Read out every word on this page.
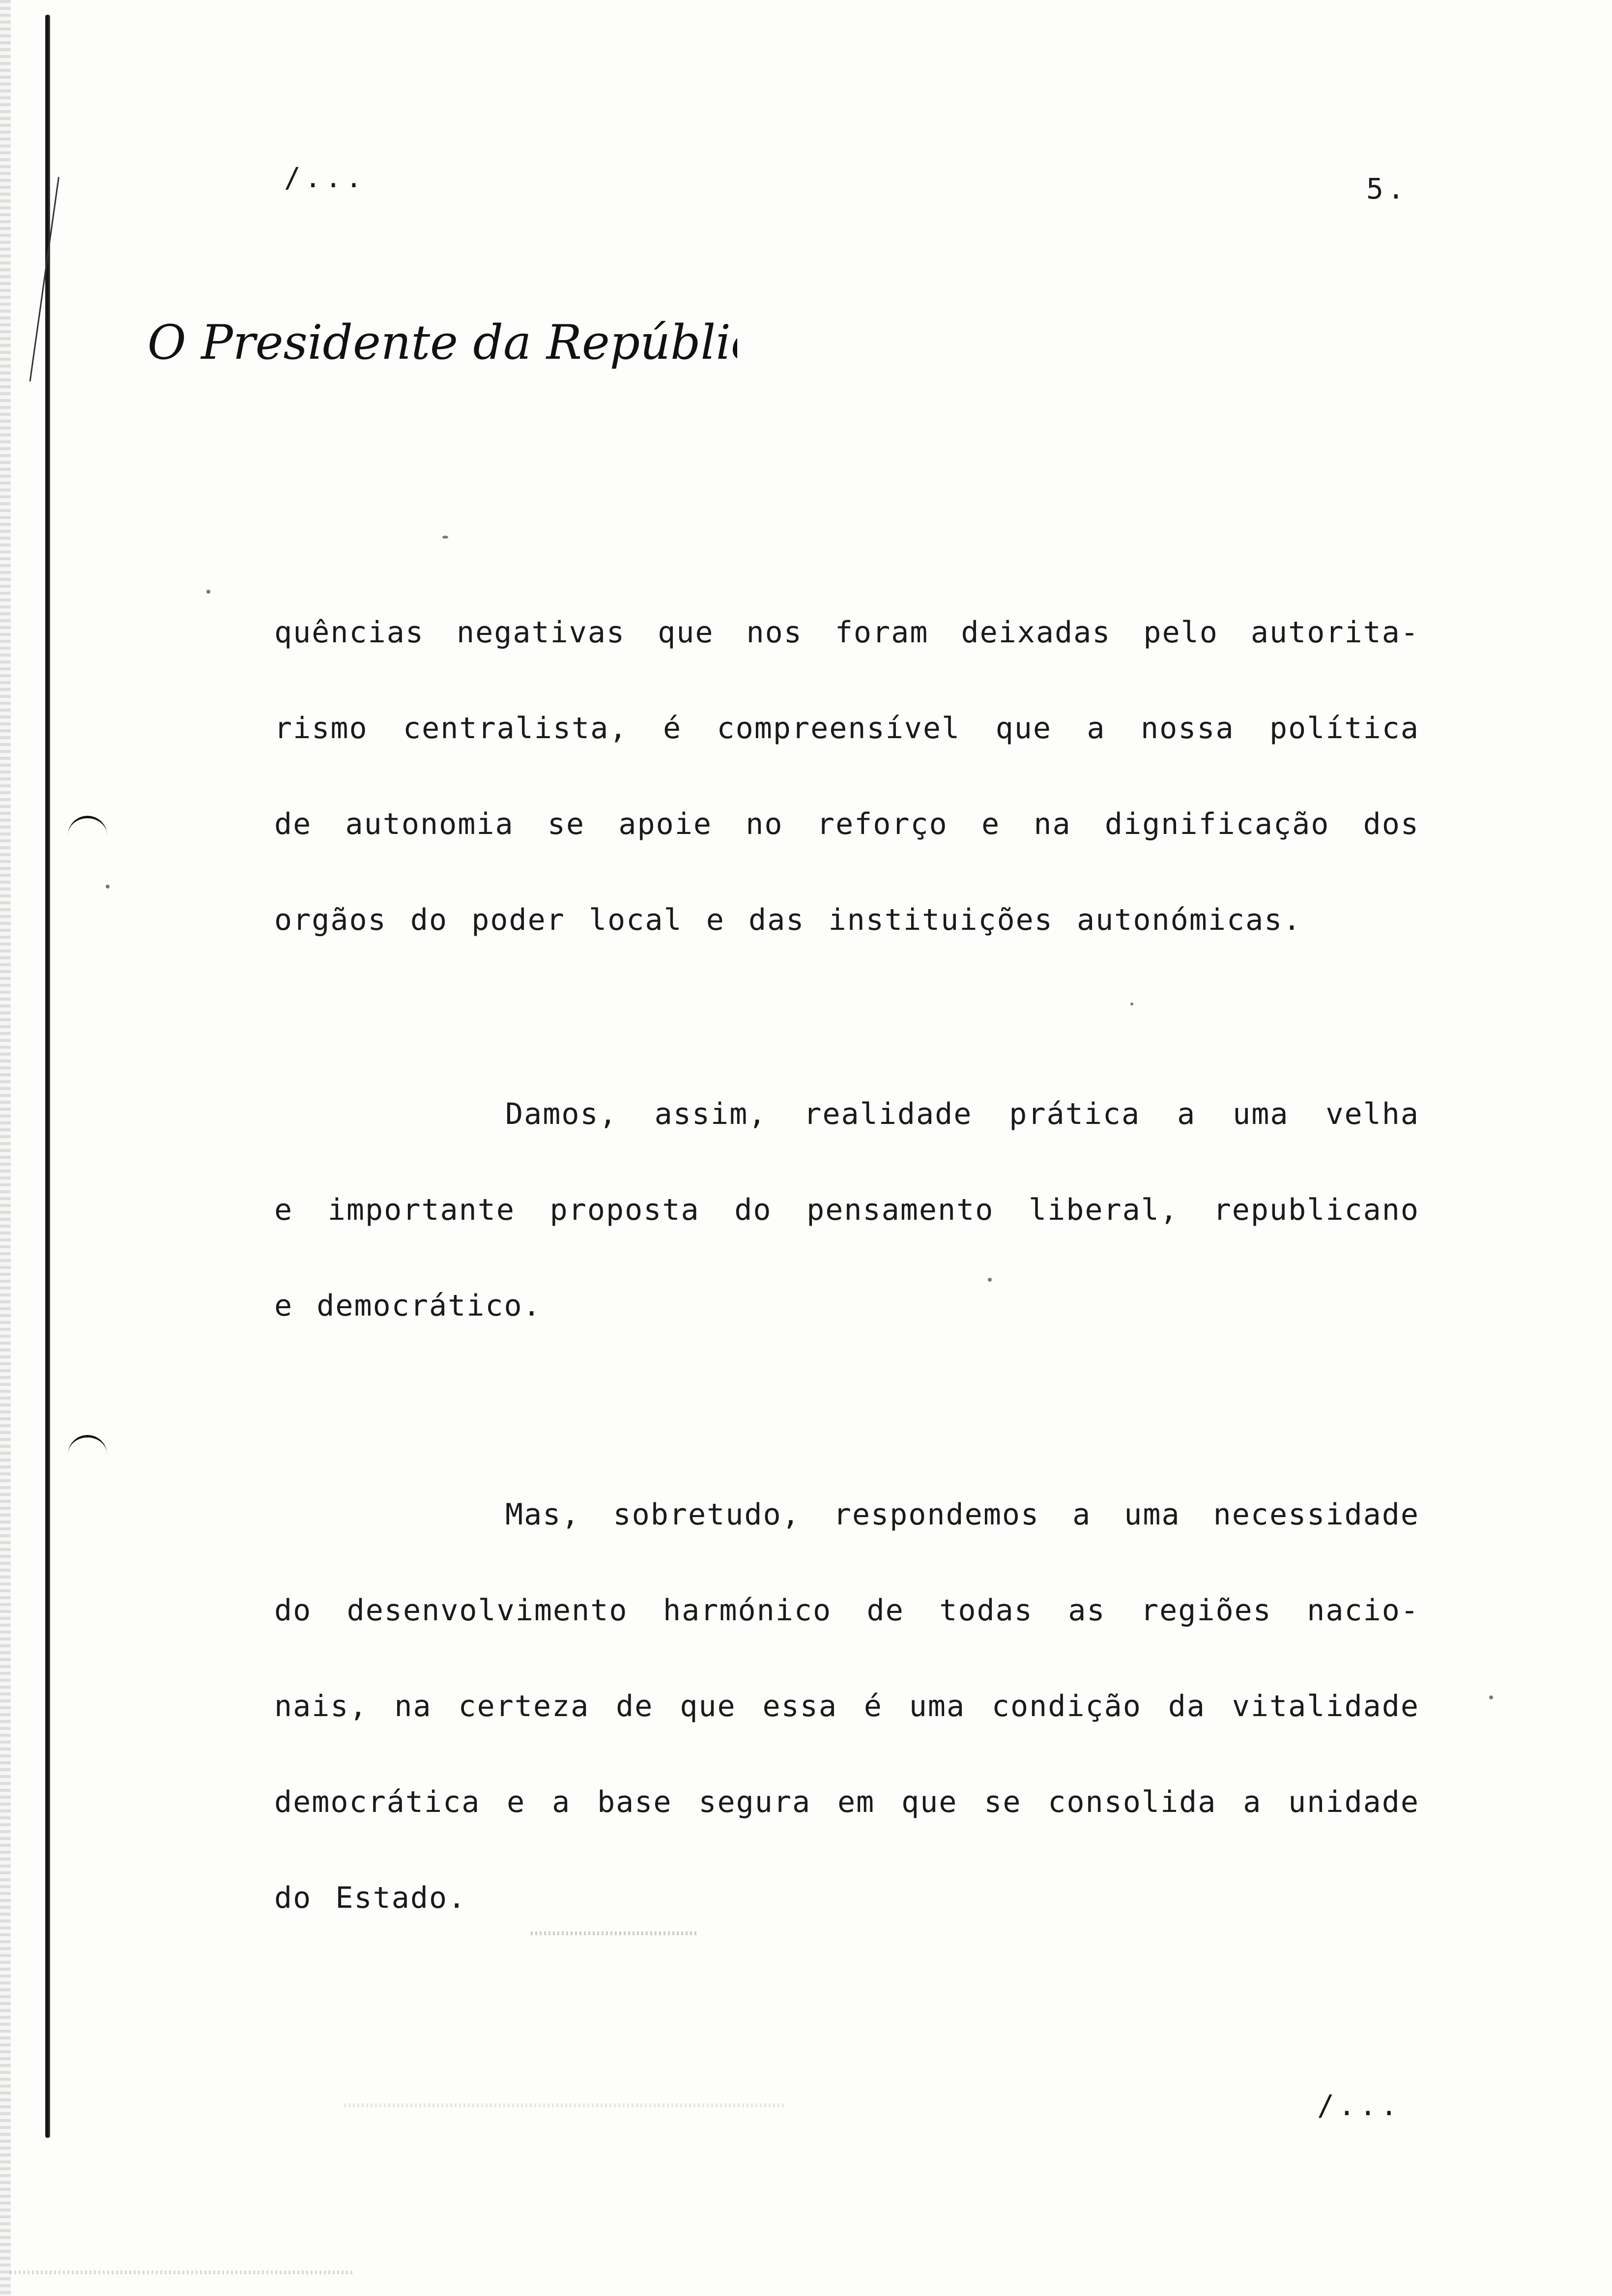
/...	5.
O Presidente da República
quências negativas que nos foram deixadas pelo autorita-
rismo centralista, é compreensível que a nossa política
de autonomia se apoie no reforço e na dignificação dos
orgãos do poder local e das instituições autonómicas.
Damos, assim, realidade prática a uma velha
e importante proposta do pensamento liberal, republicano
e democrático.
Mas, sobretudo, respondemos a uma necessidade
do desenvolvimento harmónico de todas as regiões nacio-
nais, na certeza de que essa é uma condição da vitalidade
democrática e a base segura em que se consolida a unidade
do Estado.
/...
